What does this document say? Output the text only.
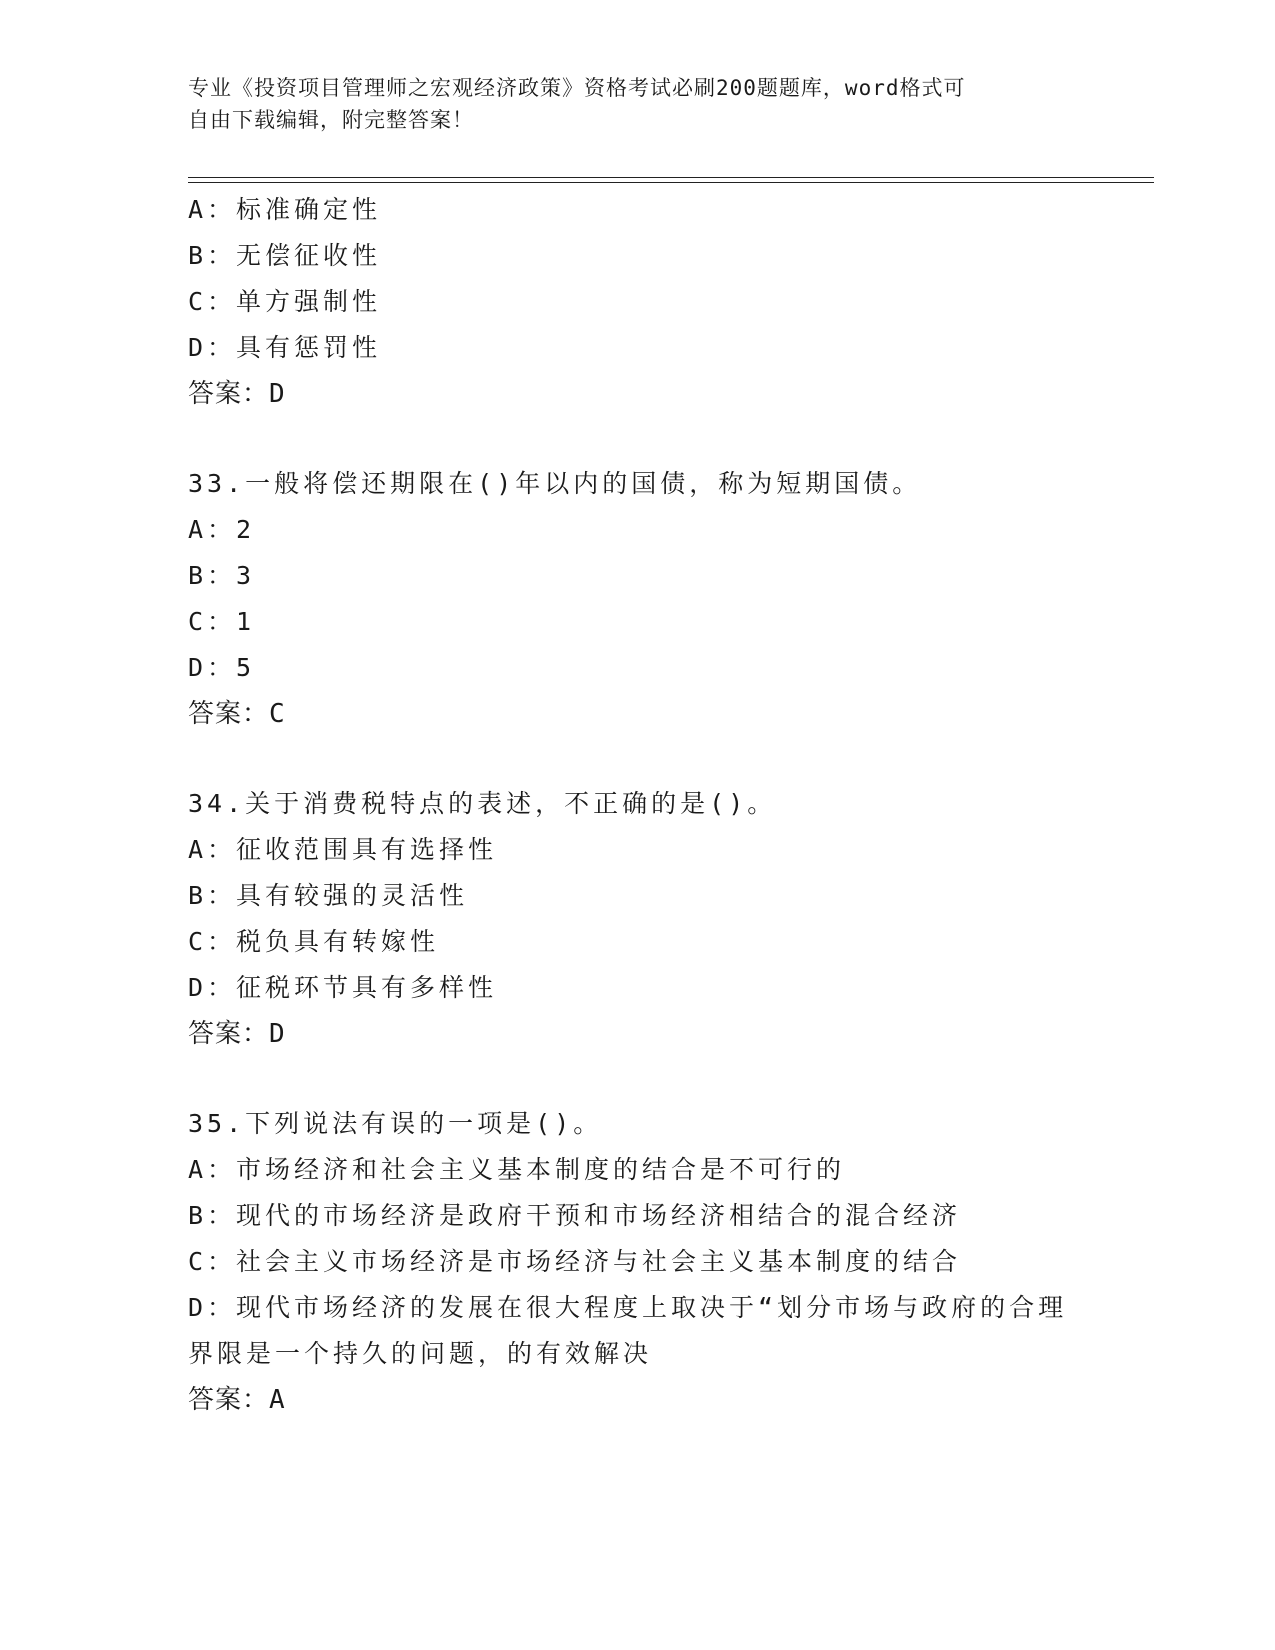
专业《投资项目管理师之宏观经济政策》资格考试必刷200题题库，word格式可
自由下载编辑，附完整答案！
A：标准确定性
B：无偿征收性
C：单方强制性
D：具有惩罚性
答案：D
33.一般将偿还期限在()年以内的国债，称为短期国债。
A：2
B：3
C：1
D：5
答案：C
34.关于消费税特点的表述，不正确的是()。
A：征收范围具有选择性
B：具有较强的灵活性
C：税负具有转嫁性
D：征税环节具有多样性
答案：D
35.下列说法有误的一项是()。
A：市场经济和社会主义基本制度的结合是不可行的
B：现代的市场经济是政府干预和市场经济相结合的混合经济
C：社会主义市场经济是市场经济与社会主义基本制度的结合
D：现代市场经济的发展在很大程度上取决于“划分市场与政府的合理界限是一个持久的问题，的有效解决
答案：A
